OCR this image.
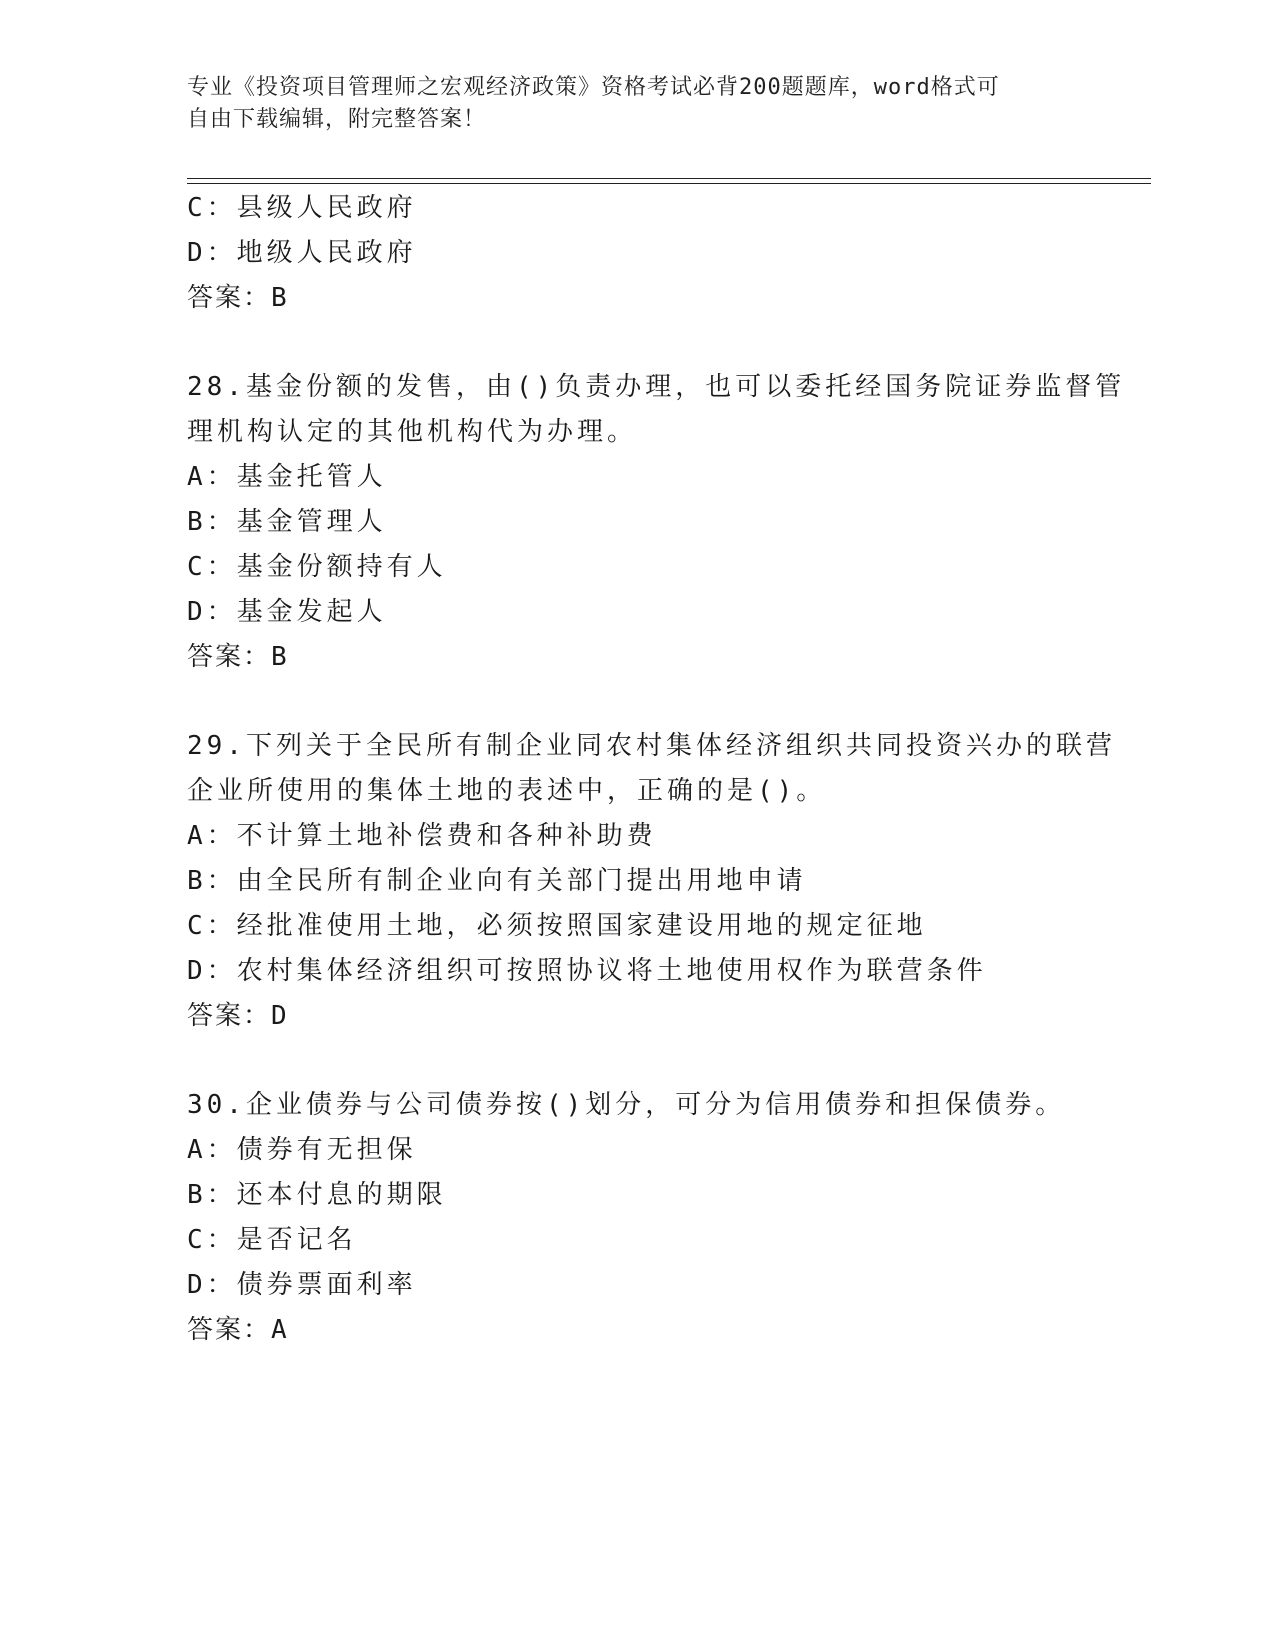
专业《投资项目管理师之宏观经济政策》资格考试必背200题题库，word格式可
自由下载编辑，附完整答案！
C：县级人民政府
D：地级人民政府
答案：B
28.基金份额的发售，由()负责办理，也可以委托经国务院证券监督管
理机构认定的其他机构代为办理。
A：基金托管人
B：基金管理人
C：基金份额持有人
D：基金发起人
答案：B
29.下列关于全民所有制企业同农村集体经济组织共同投资兴办的联营
企业所使用的集体土地的表述中，正确的是()。
A：不计算土地补偿费和各种补助费
B：由全民所有制企业向有关部门提出用地申请
C：经批准使用土地，必须按照国家建设用地的规定征地
D：农村集体经济组织可按照协议将土地使用权作为联营条件
答案：D
30.企业债券与公司债券按()划分，可分为信用债券和担保债券。
A：债券有无担保
B：还本付息的期限
C：是否记名
D：债券票面利率
答案：A
